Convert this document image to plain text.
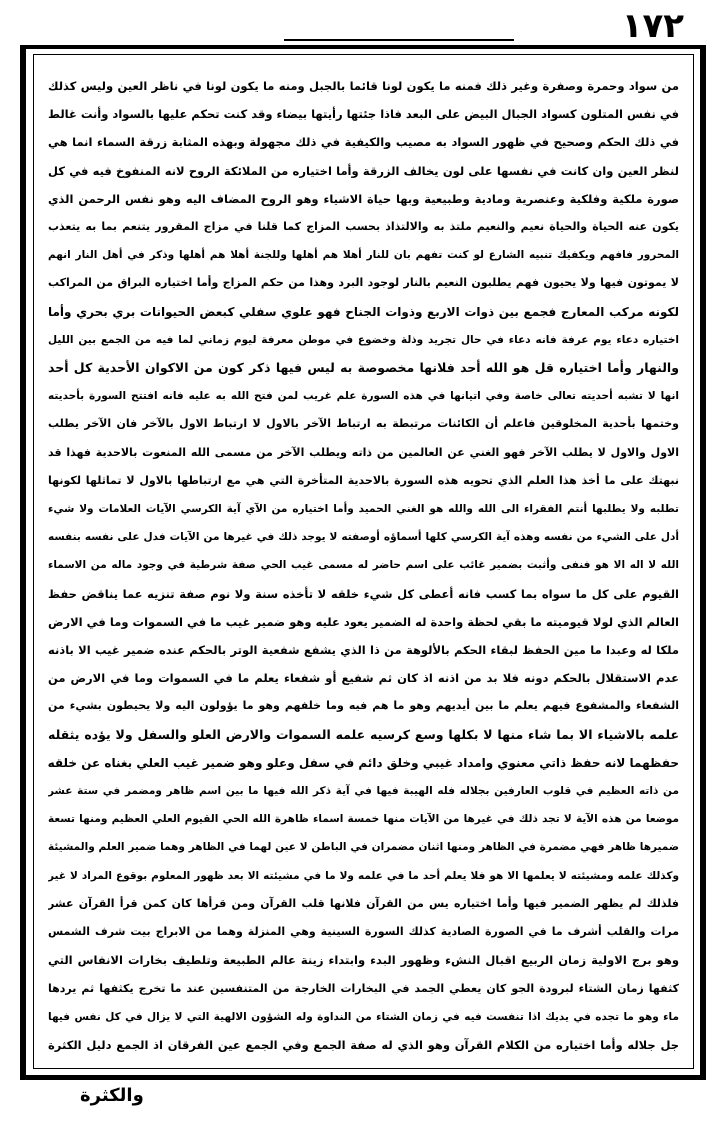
١٧٢
من سواد وحمرة وصفرة وغير ذلك فمنه ما يكون لونا قائما بالجبل ومنه ما يكون لونا في ناظر العين وليس كذلك
في نفس المتلون كسواد الجبال البيض على البعد فاذا جئتها رأيتها بيضاء وقد كنت تحكم عليها بالسواد وأنت غالط
في ذلك الحكم وصحيح في ظهور السواد به مصيب والكيفية في ذلك مجهولة وبهذه المثابة زرقة السماء انما هي
لنظر العين وان كانت في نفسها على لون يخالف الزرقة وأما اختياره من الملائكة الروح لانه المنفوخ فيه في كل
صورة ملكية وفلكية وعنصرية ومادية وطبيعية وبها حياة الاشياء وهو الروح المضاف اليه وهو نفس الرحمن الذي
يكون عنه الحياة والحياة نعيم والنعيم ملتذ به والالتذاذ بحسب المزاج كما قلنا في مزاج المقرور يتنعم بما به يتعذب
المحرور فافهم ويكفيك تنبيه الشارع لو كنت تفهم بان للنار أهلا هم أهلها وللجنة أهلا هم أهلها وذكر في أهل النار انهم
لا يموتون فيها ولا يحيون فهم يطلبون النعيم بالنار لوجود البرد وهذا من حكم المزاج وأما اختياره البراق من المراكب
لكونه مركب المعارج فجمع بين ذوات الاربع وذوات الجناح فهو علوي سفلي كبعض الحيوانات بري بحري وأما
اختياره دعاء يوم عرفة فانه دعاء في حال تجريد وذلة وخضوع في موطن معرفة ليوم زماني لما فيه من الجمع بين الليل
والنهار وأما اختياره قل هو الله أحد فلانها مخصوصة به ليس فيها ذكر كون من الاكوان الأحدية كل أحد
انها لا تشبه أحديته تعالى خاصة وفي اتيانها في هذه السورة علم غريب لمن فتح الله به عليه فانه افتتح السورة بأحديته
وختمها بأحدية المخلوقين فاعلم أن الكائنات مرتبطة به ارتباط الآخر بالاول لا ارتباط الاول بالآخر فان الآخر يطلب
الاول والاول لا يطلب الآخر فهو الغني عن العالمين من ذاته ويطلب الآخر من مسمى الله المنعوت بالاحدية فهذا قد
نبهتك على ما أخذ هذا العلم الذي تحويه هذه السورة بالاحدية المتأخرة التي هي مع ارتباطها بالاول لا تماثلها لكونها
تطلبه ولا يطلبها أنتم الفقراء الى الله والله هو الغني الحميد وأما اختياره من الآي آية الكرسي الآيات العلامات ولا شيء
أدل على الشيء من نفسه وهذه آية الكرسي كلها أسماؤه أوصفته لا يوجد ذلك في غيرها من الآيات فدل على نفسه بنفسه
الله لا اله الا هو فنفى وأثبت بضمير غائب على اسم حاضر له مسمى غيب الحي صفة شرطية في وجود ماله من الاسماء
القيوم على كل ما سواه بما كسب فانه أعطى كل شيء خلقه لا تأخذه سنة ولا نوم صفة تنزيه عما يناقض حفظ
العالم الذي لولا قيوميته ما بقي لحظة واحدة له الضمير يعود عليه وهو ضمير غيب ما في السموات وما في الارض
ملكا له وعبدا ما مين الحفظ لبقاء الحكم بالألوهة من ذا الذي يشفع شفعية الوتر بالحكم عنده ضمير غيب الا باذنه
عدم الاستقلال بالحكم دونه فلا بد من اذنه اذ كان ثم شفيع أو شفعاء يعلم ما في السموات وما في الارض من
الشفعاء والمشفوع فيهم يعلم ما بين أيديهم وهو ما هم فيه وما خلفهم وهو ما يؤولون اليه ولا يحيطون بشيء من
علمه بالاشياء الا بما شاء منها لا بكلها وسع كرسيه علمه السموات والارض العلو والسفل ولا يؤده يثقله
حفظهما لانه حفظ ذاتي معنوي وامداد غيبي وخلق دائم في سفل وعلو وهو ضمير غيب العلي بغناه عن خلقه
من ذاته العظيم في قلوب العارفين بجلاله فله الهيبة فيها في آية ذكر الله فيها ما بين اسم ظاهر ومضمر في ستة عشر
موضعا من هذه الآية لا تجد ذلك في غيرها من الآيات منها خمسة اسماء ظاهرة الله الحي القيوم العلي العظيم ومنها تسعة
ضميرها ظاهر فهي مضمرة في الظاهر ومنها اثنان مضمران في الباطن لا عين لهما في الظاهر وهما ضمير العلم والمشيئة
وكذلك علمه ومشيئته لا يعلمها الا هو فلا يعلم أحد ما في علمه ولا ما في مشيئته الا بعد ظهور المعلوم بوقوع المراد لا غير
فلذلك لم يظهر الضمير فيها وأما اختياره يس من القرآن فلانها قلب القرآن ومن قرأها كان كمن قرأ القرآن عشر
مرات والقلب أشرف ما في الصورة الصادية كذلك السورة السينية وهي المنزلة وهما من الابراج بيت شرف الشمس
وهو برج الاولية زمان الربيع اقبال النشء وظهور البدء وابتداء زينة عالم الطبيعة وتلطيف بخارات الانفاس التي
كثفها زمان الشتاء لبرودة الجو كان يعطي الجمد في البخارات الخارجة من المتنفسين عند ما تخرج يكثفها ثم يردها
ماء وهو ما تجده في يديك اذا تنفست فيه في زمان الشتاء من النداوة وله الشؤون الالهية التي لا يزال في كل نفس فيها
جل جلاله وأما اختياره من الكلام القرآن وهو الذي له صفة الجمع وفي الجمع عين الفرقان اذ الجمع دليل الكثرة
والكثرة
